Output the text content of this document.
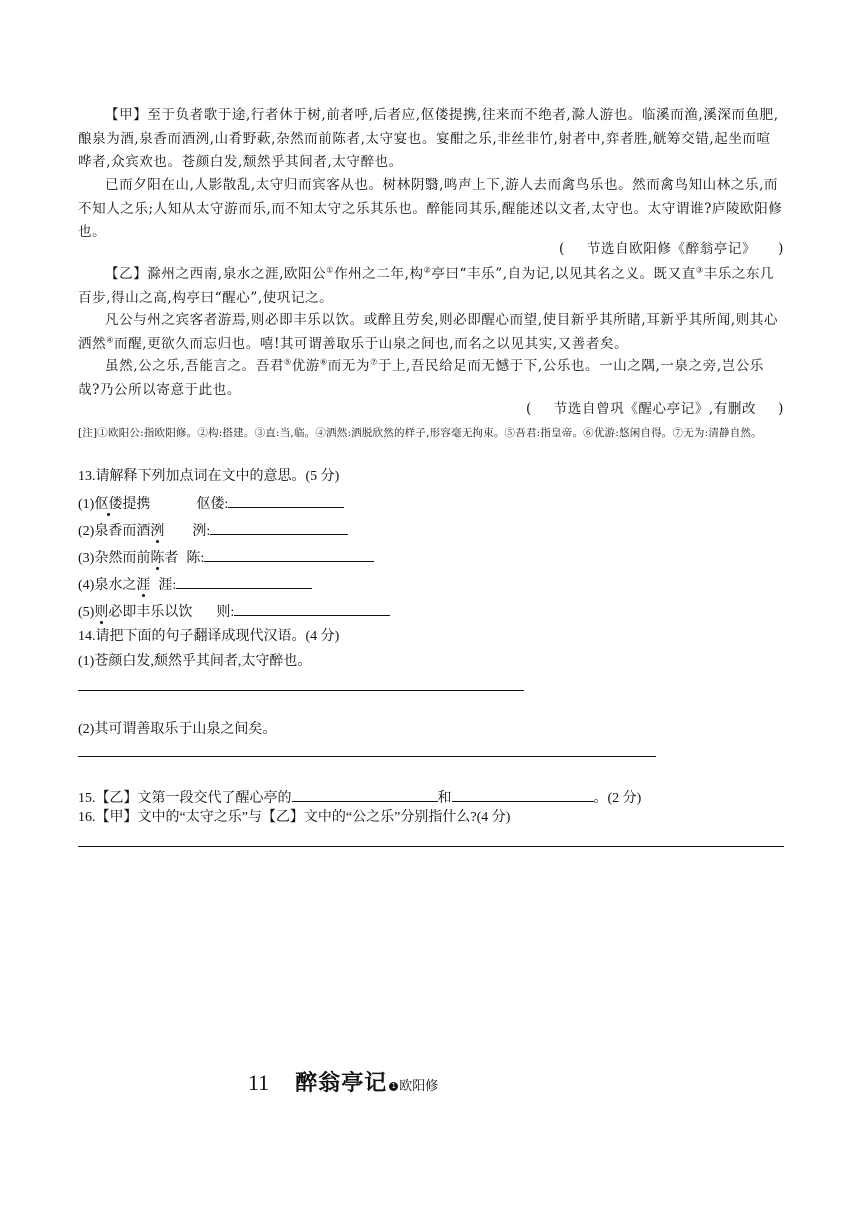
【甲】至于负者歌于途,行者休于树,前者呼,后者应,伛偻提携,往来而不绝者,滁人游也。临溪而渔,溪深而鱼肥,酿泉为酒,泉香而酒洌,山肴野蔌,杂然而前陈者,太守宴也。宴酣之乐,非丝非竹,射者中,弈者胜,觥筹交错,起坐而喧哗者,众宾欢也。苍颜白发,颓然乎其间者,太守醉也。

已而夕阳在山,人影散乱,太守归而宾客从也。树林阴翳,鸣声上下,游人去而禽鸟乐也。然而禽鸟知山林之乐,而不知人之乐;人知从太守游而乐,而不知太守之乐其乐也。醉能同其乐,醒能述以文者,太守也。太守谓谁?庐陵欧阳修也。

( 节选自欧阳修《醉翁亭记》 )

【乙】滁州之西南,泉水之涯,欧阳公①作州之二年,构②亭曰“丰乐”,自为记,以见其名之义。既又直③丰乐之东几百步,得山之高,构亭曰“醒心”,使巩记之。

凡公与州之宾客者游焉,则必即丰乐以饮。或醉且劳矣,则必即醒心而望,使目新乎其所睹,耳新乎其所闻,则其心洒然④而醒,更欲久而忘归也。嘻!其可谓善取乐于山泉之间也,而名之以见其实,又善者矣。

虽然,公之乐,吾能言之。吾君⑤优游⑥而无为⑦于上,吾民给足而无憾于下,公乐也。一山之隅,一泉之旁,岂公乐哉?乃公所以寄意于此也。

( 节选自曾巩《醒心亭记》,有删改 )

[注]①欧阳公:指欧阳修。②构:搭建。③直:当,临。④洒然:洒脱欣然的样子,形容毫无拘束。⑤吾君:指皇帝。⑥优游:悠闲自得。⑦无为:清静自然。

13.请解释下列加点词在文中的意思。(5 分)
(1)伛偻提携	伛偻:
(2)泉香而酒洌 洌:
(3)杂然而前陈者 陈:
(4)泉水之涯 涯:
(5)则必即丰乐以饮 则:
14.请把下面的句子翻译成现代汉语。(4 分)
(1)苍颜白发,颓然乎其间者,太守醉也。
(2)其可谓善取乐于山泉之间矣。
15.【乙】文第一段交代了醒心亭的	和	。(2 分)
16.【甲】文中的“太守之乐”与【乙】文中的“公之乐”分别指什么?(4 分)
11 醉翁亭记 1 欧阳修
